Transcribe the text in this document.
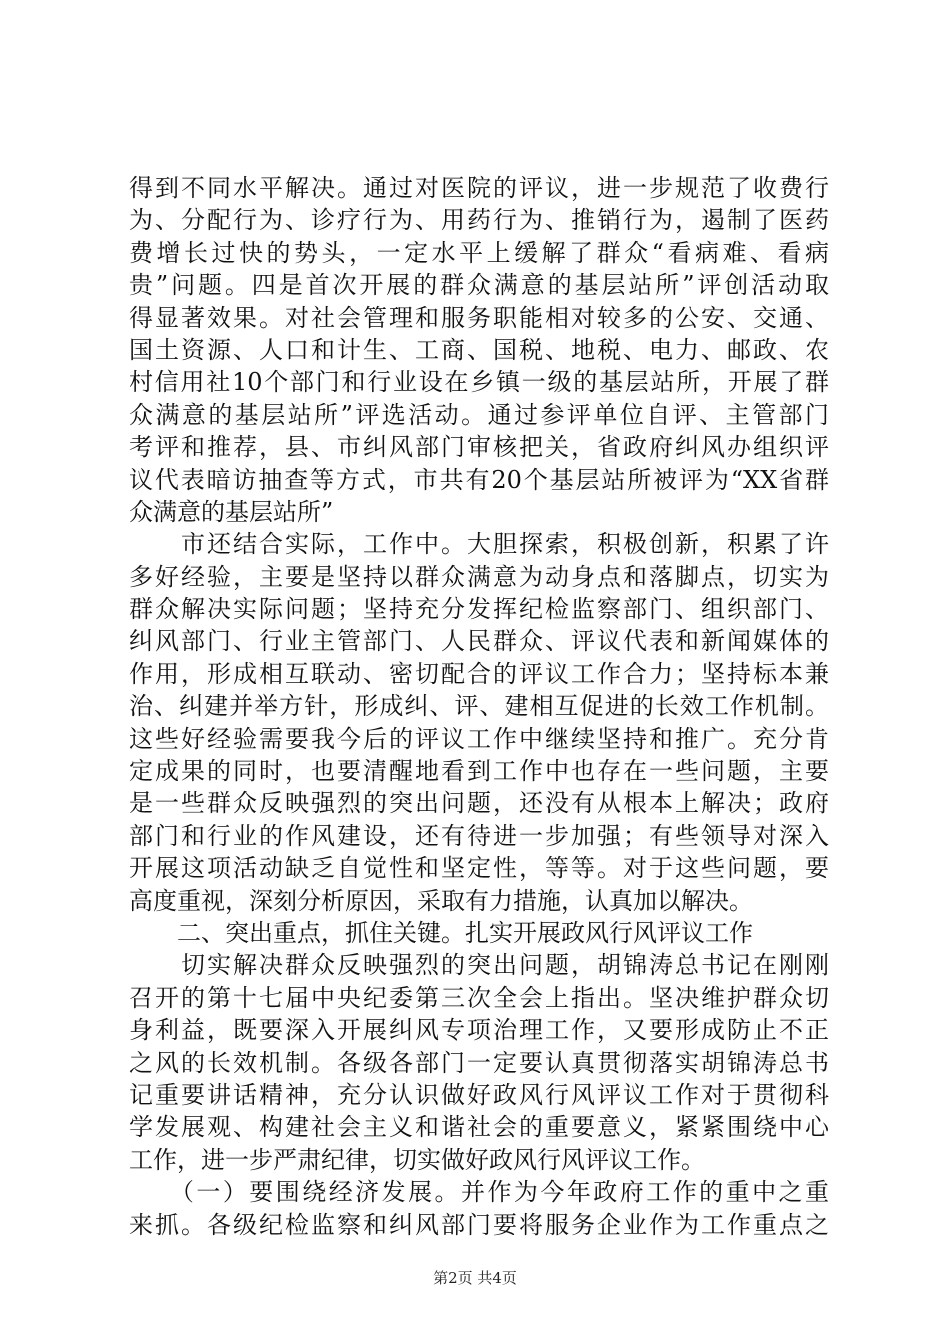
得到不同水平解决。通过对医院的评议，进一步规范了收费行
为、分配行为、诊疗行为、用药行为、推销行为，遏制了医药
费增长过快的势头，一定水平上缓解了群众“看病难、看病
贵”问题。四是首次开展的群众满意的基层站所”评创活动取
得显著效果。对社会管理和服务职能相对较多的公安、交通、
国土资源、人口和计生、工商、国税、地税、电力、邮政、农
村信用社10个部门和行业设在乡镇一级的基层站所，开展了群
众满意的基层站所”评选活动。通过参评单位自评、主管部门
考评和推荐，县、市纠风部门审核把关，省政府纠风办组织评
议代表暗访抽查等方式，市共有20个基层站所被评为“XX省群
众满意的基层站所”
　　市还结合实际，工作中。大胆探索，积极创新，积累了许
多好经验，主要是坚持以群众满意为动身点和落脚点，切实为
群众解决实际问题；坚持充分发挥纪检监察部门、组织部门、
纠风部门、行业主管部门、人民群众、评议代表和新闻媒体的
作用，形成相互联动、密切配合的评议工作合力；坚持标本兼
治、纠建并举方针，形成纠、评、建相互促进的长效工作机制。
这些好经验需要我今后的评议工作中继续坚持和推广。充分肯
定成果的同时，也要清醒地看到工作中也存在一些问题，主要
是一些群众反映强烈的突出问题，还没有从根本上解决；政府
部门和行业的作风建设，还有待进一步加强；有些领导对深入
开展这项活动缺乏自觉性和坚定性，等等。对于这些问题，要
高度重视，深刻分析原因，采取有力措施，认真加以解决。
　　二、突出重点，抓住关键。扎实开展政风行风评议工作
　　切实解决群众反映强烈的突出问题，胡锦涛总书记在刚刚
召开的第十七届中央纪委第三次全会上指出。坚决维护群众切
身利益，既要深入开展纠风专项治理工作，又要形成防止不正
之风的长效机制。各级各部门一定要认真贯彻落实胡锦涛总书
记重要讲话精神，充分认识做好政风行风评议工作对于贯彻科
学发展观、构建社会主义和谐社会的重要意义，紧紧围绕中心
工作，进一步严肃纪律，切实做好政风行风评议工作。
　　（一）要围绕经济发展。并作为今年政府工作的重中之重
来抓。各级纪检监察和纠风部门要将服务企业作为工作重点之
第2页 共4页
